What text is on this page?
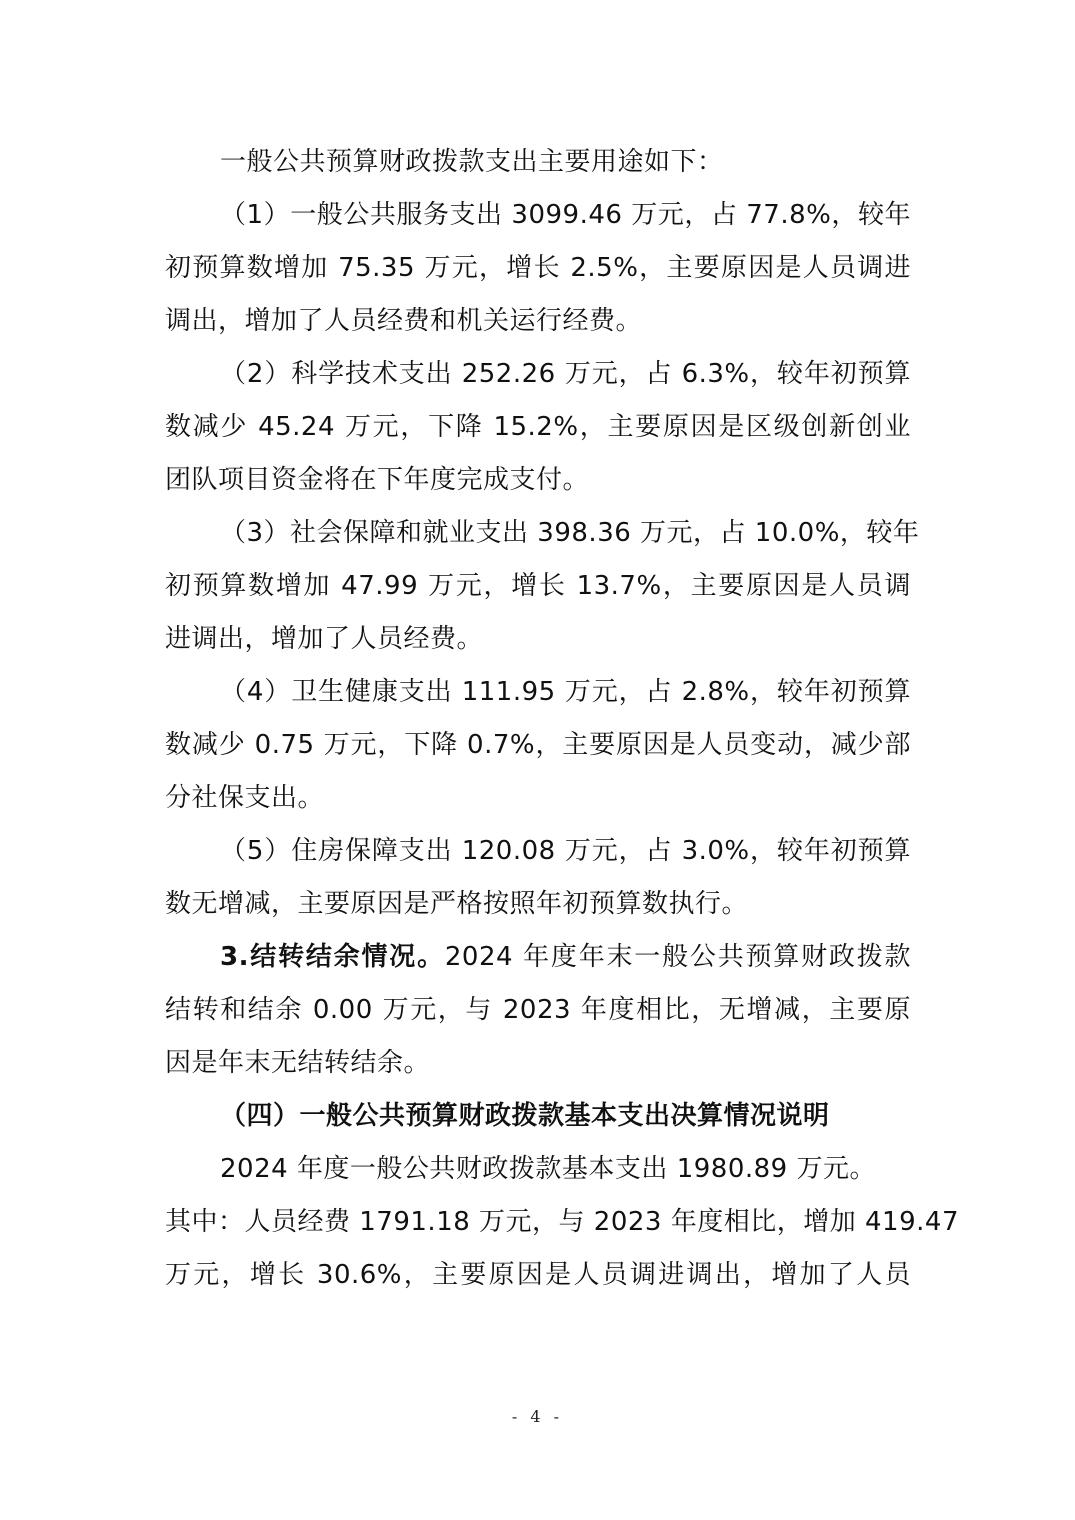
一般公共预算财政拨款支出主要用途如下：
（1）一般公共服务支出 3099.46 万元，占 77.8%，较年
初预算数增加 75.35 万元，增长 2.5%，主要原因是人员调进
调出，增加了人员经费和机关运行经费。
（2）科学技术支出 252.26 万元，占 6.3%，较年初预算
数减少 45.24 万元，下降 15.2%，主要原因是区级创新创业
团队项目资金将在下年度完成支付。
（3）社会保障和就业支出 398.36 万元，占 10.0%，较年
初预算数增加 47.99 万元，增长 13.7%，主要原因是人员调
进调出，增加了人员经费。
（4）卫生健康支出 111.95 万元，占 2.8%，较年初预算
数减少 0.75 万元，下降 0.7%，主要原因是人员变动，减少部
分社保支出。
（5）住房保障支出 120.08 万元，占 3.0%，较年初预算
数无增减，主要原因是严格按照年初预算数执行。
3.结转结余情况。2024 年度年末一般公共预算财政拨款
结转和结余 0.00 万元，与 2023 年度相比，无增减，主要原
因是年末无结转结余。
（四）一般公共预算财政拨款基本支出决算情况说明
2024 年度一般公共财政拨款基本支出 1980.89 万元。
其中：人员经费 1791.18 万元，与 2023 年度相比，增加 419.47
万元，增长 30.6%，主要原因是人员调进调出，增加了人员
- 4 -
